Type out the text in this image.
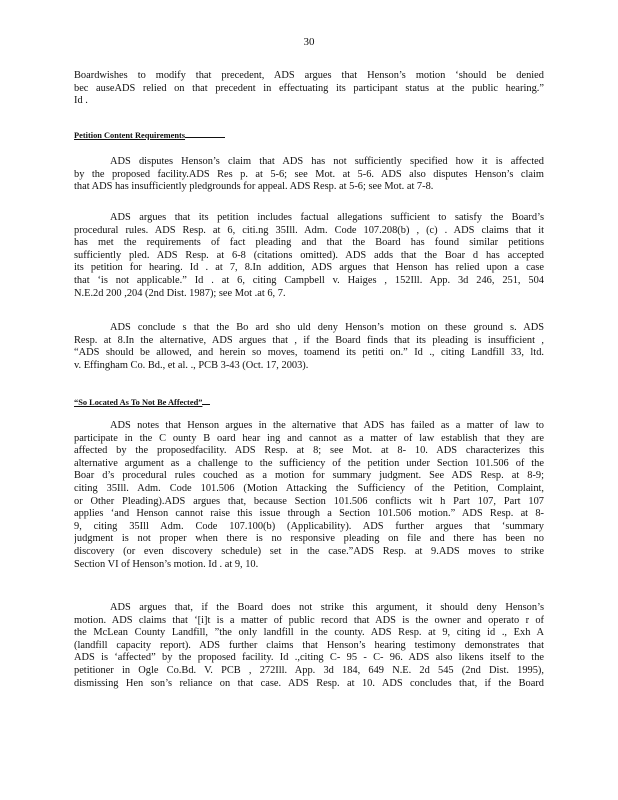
30
Boardwishes to modify that precedent, ADS argues that Henson’s motion ‘should be denied
bec auseADS relied on that precedent in effectuating its participant status at the public hearing.”
Id .
Petition Content Requirements
ADS disputes Henson’s claim that ADS has not sufficiently specified how it is affected
by the proposed facility.ADS Res p. at 5-6; see Mot. at 5-6. ADS also disputes Henson’s claim
that ADS has insufficiently pledgrounds for appeal. ADS Resp. at 5-6; see Mot. at 7-8.
ADS argues that its petition includes factual allegations sufficient to satisfy the Board’s
procedural rules. ADS Resp. at 6, citi.ng 35Ill. Adm. Code 107.208(b) , (c) . ADS claims that it
has met the requirements of fact pleading and that the Board has found similar petitions
sufficiently pled. ADS Resp. at 6-8 (citations omitted). ADS adds that the Boar d has accepted
its petition for hearing. Id . at 7, 8.In addition, ADS argues that Henson has relied upon a case
that ‘is not applicable.” Id . at 6, citing Campbell v. Haiges , 152Ill. App. 3d 246, 251, 504
N.E.2d 200 ,204 (2nd Dist. 1987); see Mot .at 6, 7.
ADS conclude s that the Bo ard sho uld deny Henson’s motion on these ground s. ADS
Resp. at 8.In the alternative, ADS argues that , if the Board finds that its pleading is insufficient ,
“ADS should be allowed, and herein so moves, toamend its petiti on.” Id ., citing Landfill 33, ltd.
v. Effingham Co. Bd., et al. ., PCB 3-43 (Oct. 17, 2003).
“So Located As To Not Be Affected”
ADS notes that Henson argues in the alternative that ADS has failed as a matter of law to
participate in the C ounty B oard hear ing and cannot as a matter of law establish that they are
affected by the proposedfacility. ADS Resp. at 8; see Mot. at 8- 10. ADS characterizes this
alternative argument as a challenge to the sufficiency of the petition under Section 101.506 of the
Boar d’s procedural rules couched as a motion for summary judgment. See ADS Resp. at 8-9;
citing 35Ill. Adm. Code 101.506 (Motion Attacking the Sufficiency of the Petition, Complaint,
or Other Pleading).ADS argues that, because Section 101.506 conflicts wit h Part 107, Part 107
applies ‘and Henson cannot raise this issue through a Section 101.506 motion.” ADS Resp. at 8-
9, citing 35Ill Adm. Code 107.100(b) (Applicability). ADS further argues that ‘summary
judgment is not proper when there is no responsive pleading on file and there has been no
discovery (or even discovery schedule) set in the case.”ADS Resp. at 9.ADS moves to strike
Section VI of Henson’s motion. Id . at 9, 10.
ADS argues that, if the Board does not strike this argument, it should deny Henson’s
motion. ADS claims that ‘[i]t is a matter of public record that ADS is the owner and operato r of
the McLean County Landfill, ”the only landfill in the county. ADS Resp. at 9, citing id ., Exh A
(landfill capacity report). ADS further claims that Henson’s hearing testimony demonstrates that
ADS is ‘affected” by the proposed facility. Id .,citing C- 95 - C- 96. ADS also likens itself to the
petitioner in Ogle Co.Bd. V. PCB , 272Ill. App. 3d 184, 649 N.E. 2d 545 (2nd Dist. 1995),
dismissing Hen son’s reliance on that case. ADS Resp. at 10. ADS concludes that, if the Board
